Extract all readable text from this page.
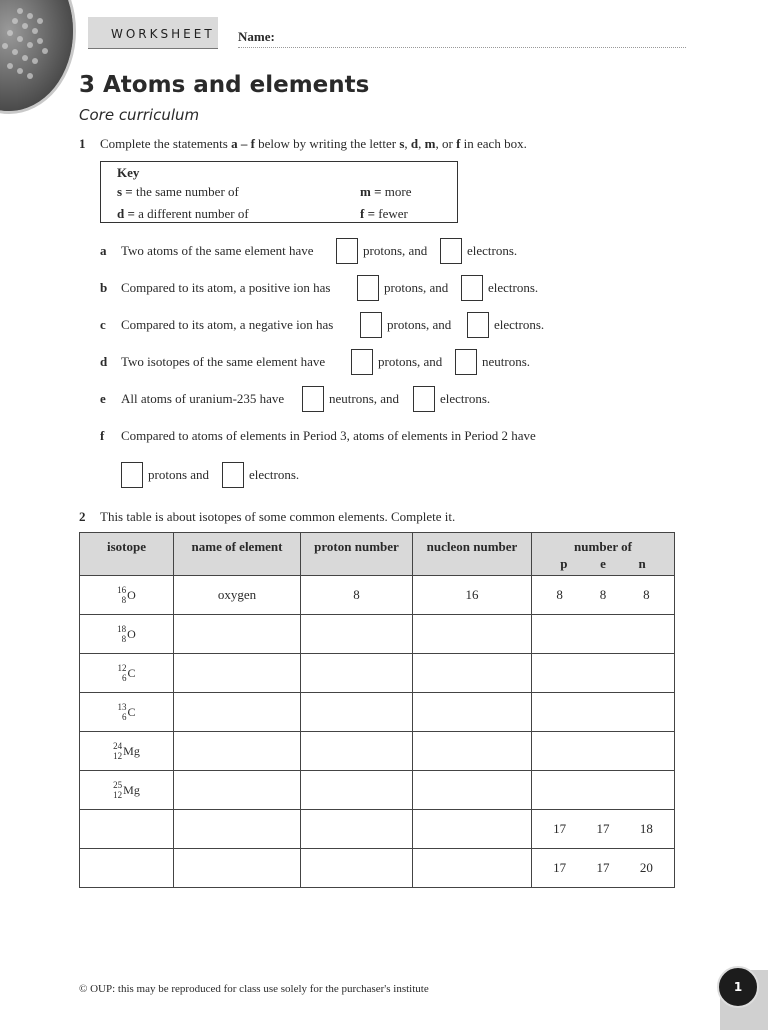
WORKSHEET Name:
3 Atoms and elements
Core curriculum
1 Complete the statements a – f below by writing the letter s, d, m, or f in each box.
Key
s = the same number of
d = a different number of
m = more
f = fewer
a Two atoms of the same element have	protons, and	electrons.
b Compared to its atom, a positive ion has	protons, and	electrons.
c Compared to its atom, a negative ion has	protons, and	electrons.
d Two isotopes of the same element have	protons, and	neutrons.
e All atoms of uranium-235 have	neutrons, and	electrons.
f Compared to atoms of elements in Period 3, atoms of elements in Period 2 have
protons and	electrons.
2 This table is about isotopes of some common elements. Complete it.
isotope	name of element	proton number	nucleon number	number of
p e n

16
8O	oxygen	8	16	8 8 8

18
8O				

12
6C				

13
6C				

24
12Mg				

25
12Mg				

				17 17 18

				17 17 20
© OUP: this may be reproduced for class use solely for the purchaser's institute	1
